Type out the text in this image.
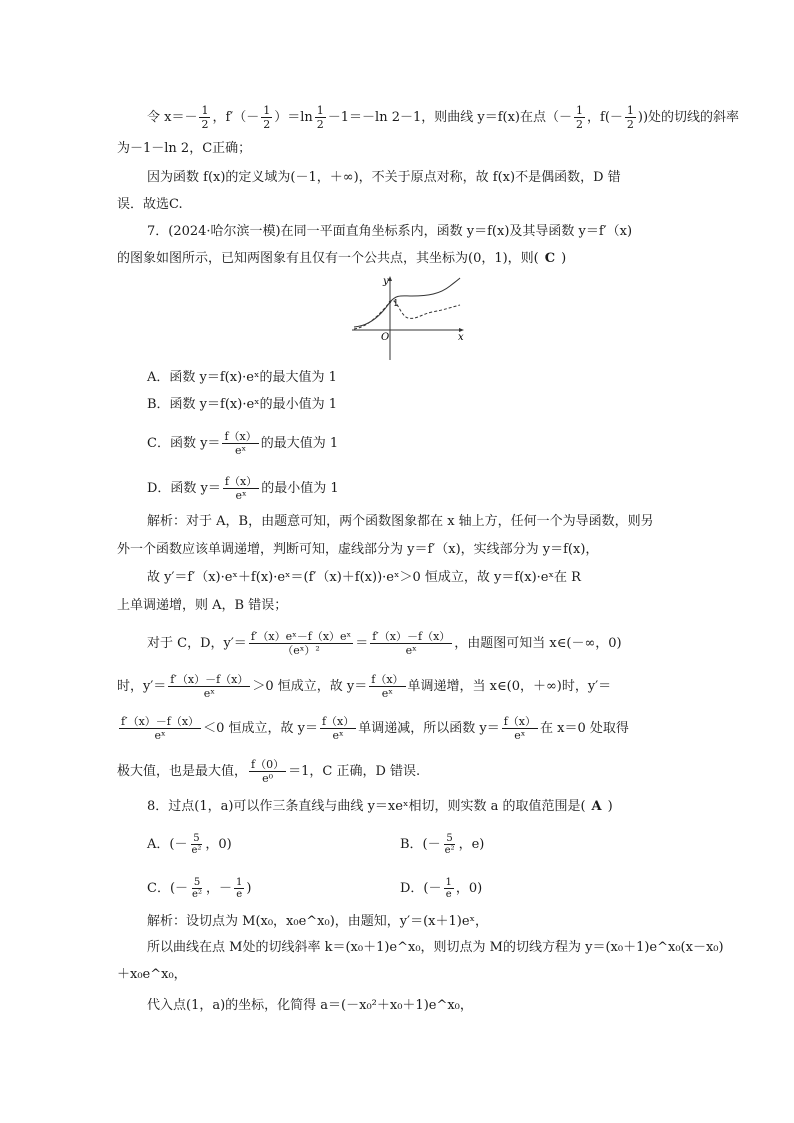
令 $x=- \frac{1}{2}$ ，$f'(- \frac{1}{2} )=\ln \frac{1}{2} -1=-\ln$ 2－1，则曲线 y＝f(x)在点（－ $\frac{1}{2}$ ，$f(- \frac{1}{2}$ ))处的切线的斜率
为－1－ln 2，C正确；
因为函数 f(x)的定义域为(－1，＋∞)，不关于原点对称，故 f(x)不是偶函数，D 错
误．故选C.
7．(2024·哈尔滨一模)在同一平面直角坐标系内，函数 y＝f(x)及其导函数 y＝f′（x)
的图象如图所示，已知两图象有且仅有一个公共点，其坐标为(0，1)，则( C )
y
x
O
1
A．函数 y＝f(x)·eˣ的最大值为 1
B．函数 y＝f(x)·eˣ的最小值为 1
C．函数 $y= \frac{f(x)}{\text{eˣ}}$ 的最大值为 1
D．函数 $y= \frac{f(x)}{\text{eˣ}}$ 的最小值为 1
解析：对于 A，B，由题意可知，两个函数图象都在 x 轴上方，任何一个为导函数，则另
外一个函数应该单调递增，判断可知，虚线部分为 y＝f′（x)，实线部分为 y＝f(x)，
故 y′＝f′（x)·eˣ＋f(x)·eˣ＝(f′（x)＋f(x))·eˣ＞0 恒成立，故 y＝f(x)·eˣ在 R
上单调递增，则 A，B 错误；
对于 C，D，$y'= \frac{\text{f′（x）eˣ－f（x）eˣ}}{\text{（eˣ）²}} = \frac{f'(x)-f(x)}{\text{eˣ}}$ ，由题图可知当 x∈(－∞，0)
时，$y'= \frac{f'(x)-f(x)}{\text{eˣ}} >0$ 恒成立，故 $y= \frac{f(x)}{\text{eˣ}}$ 单调递增，当 x∈(0，＋∞)时，y′＝
$\frac{f'(x)-f(x)}{\text{eˣ}} <0$ 恒成立，故 $y= \frac{f(x)}{\text{eˣ}}$ 单调递减，所以函数 $y= \frac{f(x)}{\text{eˣ}}$ 在 x＝0 处取得
极大值，也是最大值， $\frac{f(0)}{\text{e⁰}} =1$，C 正确，D 错误.
8．过点(1，a)可以作三条直线与曲线 y＝xeˣ相切，则实数 a 的取值范围是( A )
A．(－ $\frac{5}{\text{e²}}$ ，0)	B．(－ $\frac{5}{\text{e²}}$ ，e)
C．(－ $\frac{5}{\text{e²}}$ ，－ $\frac{1}{e}$ )	D．(－ $\frac{1}{e}$ ，0)
解析：设切点为 M(x₀，x₀e^x₀)，由题知，y′＝(x＋1)eˣ，
所以曲线在点 M处的切线斜率 k＝(x₀＋1)e^x₀，则切点为 M的切线方程为 y＝(x₀＋1)e^x₀(x－x₀)
＋x₀e^x₀，
代入点(1，a)的坐标，化简得 a＝(－x₀²＋x₀＋1)e^x₀，
